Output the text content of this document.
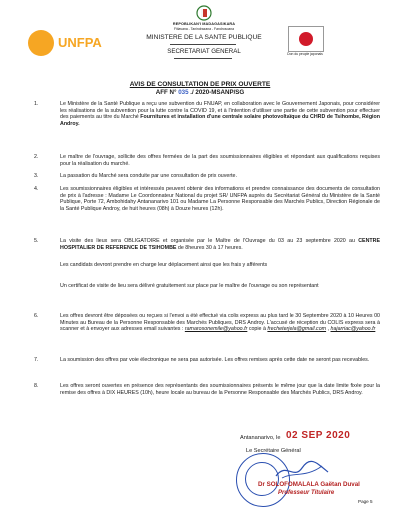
UNFPA
REPOBLIKAN'I MADAGASIKARA
Fitiavana - Tanindrazana - Fandrosoana
MINISTERE DE LA SANTE PUBLIQUE
SECRETARIAT GENERAL	Don du peuple japonais
AVIS DE CONSULTATION DE PRIX OUVERTE
AFF N° 035 ./ 2020-MSANP/SG
1.	Le Ministère de la Santé Publique a reçu une subvention du FNUAP, en collaboration avec le Gouvernement Japonais, pour considérer les réalisations de la subvention pour la lutte contre la COVID 19, et à l'intention d'utiliser une partie de cette subvention pour effectuer des paiements au titre du Marché Fournitures et installation d'une centrale solaire photovoltaïque du CHRD de Tsihombe, Région Androy.

2.	Le maître de l'ouvrage, sollicite des offres fermées de la part des soumissionnaires éligibles et répondant aux qualifications requises pour la réalisation du marché.

3.	La passation du Marché sera conduite par une consultation de prix ouverte.

4.	Les soumissionnaires éligibles et intéressés peuvent obtenir des informations et prendre connaissance des documents de consultation de prix à l'adresse : Madame Le Coordonnateur National du projet SR/ UNFPA auprès du Secrétariat Général du Ministère de la Santé Publique, Porte 72, Ambohidahy Antananarivo 101 ou Madame La Personne Responsable des Marchés Publics, Direction Régionale de la Santé Publique Androy, de huit heures (08h) à Douze heures (12h).

5.	La visite des lieux sera OBLIGATOIRE et organisée par le Maître de l'Ouvrage du 03 au 23 septembre 2020 au CENTRE HOSPITALIER DE REFERENCE DE TSIHOMBE de 8heures 30 à 17 heures.

Les candidats devront prendre en charge leur déplacement ainsi que les frais y afférents

Un certificat de visite de lieu sera délivré gratuitement sur place par le maître de l'ouvrage ou son représentant

6.	Les offres devront être déposées ou reçues si l'envoi a été effectué via colis express au plus tard le 30 Septembre 2020 à 10 Heures 00 Minutes au Bureau de la Personne Responsable des Marchés Publiques, DRS Androy. L'accusé de réception du COLIS express sera à scanner et à envoyer aux adresses email suivantes : ramarosonemile@yahoo.fr copie à frecheterjela@gmail.com , hajarriac@yahoo.fr

7.	La soumission des offres par voie électronique ne sera pas autorisée. Les offres remises après cette date ne seront pas recevables.

8.	Les offres seront ouvertes en présence des représentants des soumissionnaires présents le même jour que la date limite fixée pour la remise des offres à DIX HEURES (10h), heure locale au bureau de la Personne Responsable des Marchés Publics, DRS Androy.

Antananarivo, le 02 SEP 2020
Le Secrétaire Général
Dr SOLOFOMALALA Gaëtan Duval
Professeur Titulaire
Page 5
